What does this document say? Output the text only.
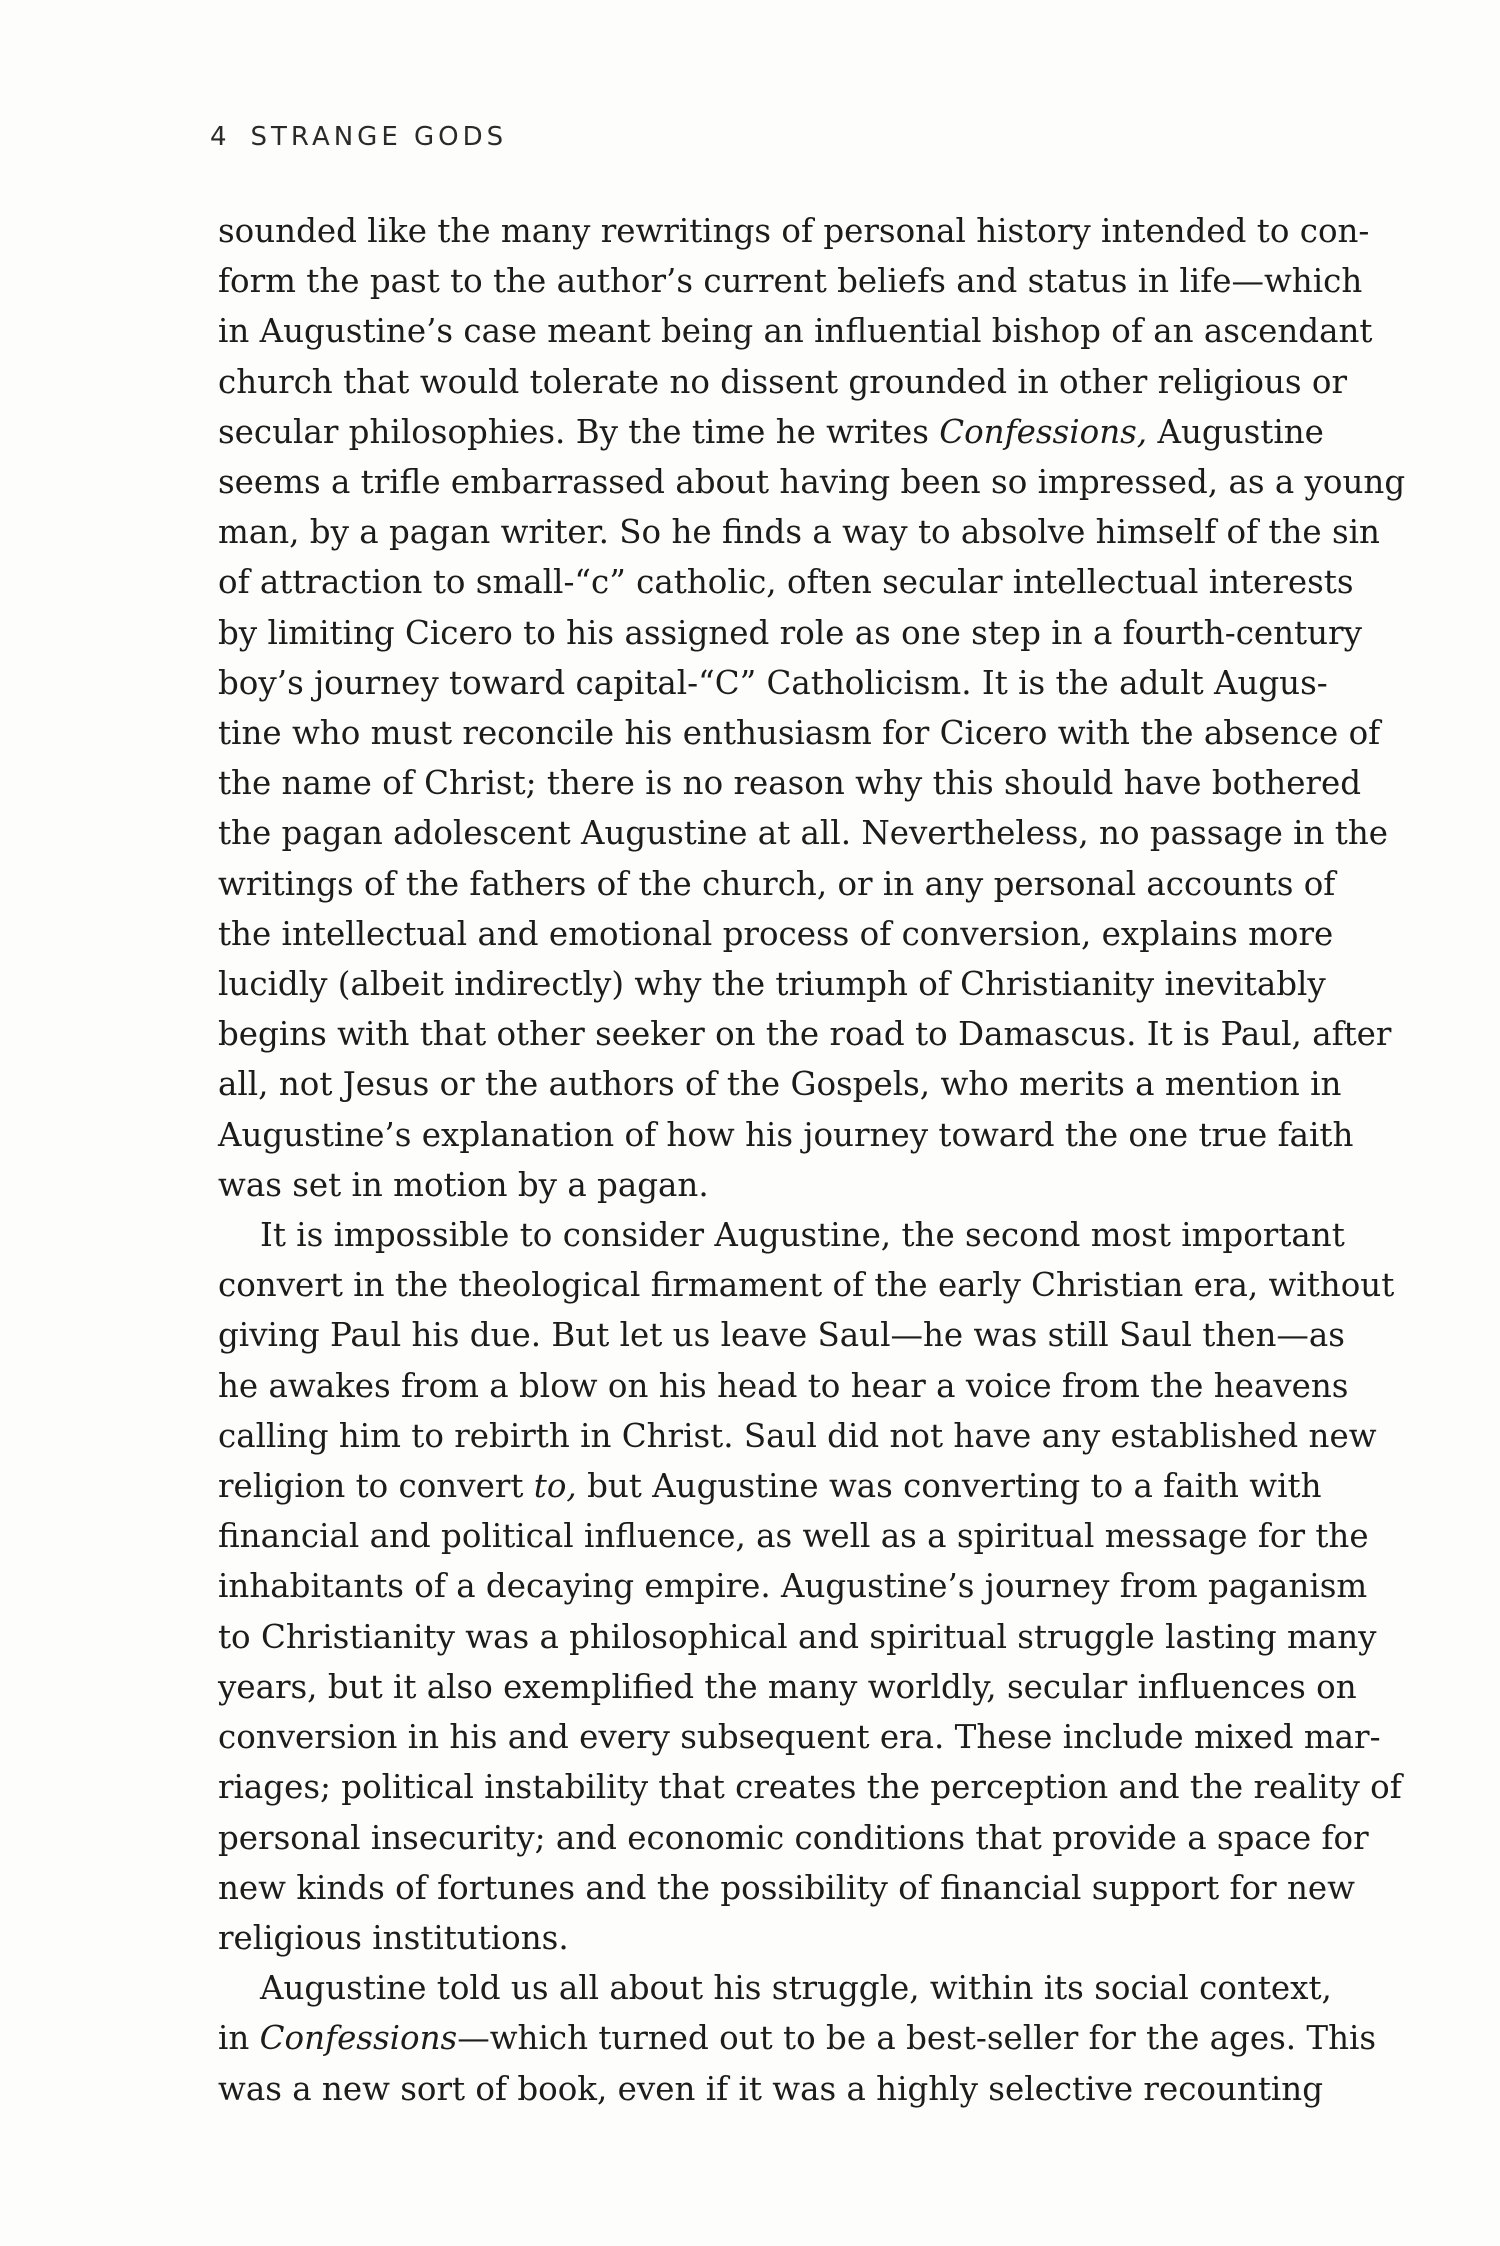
4 STRANGE GODS
sounded like the many rewritings of personal history intended to con-
form the past to the author’s current beliefs and status in life—which
in Augustine’s case meant being an influential bishop of an ascendant
church that would tolerate no dissent grounded in other religious or
secular philosophies. By the time he writes Confessions, Augustine
seems a trifle embarrassed about having been so impressed, as a young
man, by a pagan writer. So he finds a way to absolve himself of the sin
of attraction to small-“c” catholic, often secular intellectual interests
by limiting Cicero to his assigned role as one step in a fourth-century
boy’s journey toward capital-“C” Catholicism. It is the adult Augus-
tine who must reconcile his enthusiasm for Cicero with the absence of
the name of Christ; there is no reason why this should have bothered
the pagan adolescent Augustine at all. Nevertheless, no passage in the
writings of the fathers of the church, or in any personal accounts of
the intellectual and emotional process of conversion, explains more
lucidly (albeit indirectly) why the triumph of Christianity inevitably
begins with that other seeker on the road to Damascus. It is Paul, after
all, not Jesus or the authors of the Gospels, who merits a mention in
Augustine’s explanation of how his journey toward the one true faith
was set in motion by a pagan.
It is impossible to consider Augustine, the second most important
convert in the theological firmament of the early Christian era, without
giving Paul his due. But let us leave Saul—he was still Saul then—as
he awakes from a blow on his head to hear a voice from the heavens
calling him to rebirth in Christ. Saul did not have any established new
religion to convert to, but Augustine was converting to a faith with
financial and political influence, as well as a spiritual message for the
inhabitants of a decaying empire. Augustine’s journey from paganism
to Christianity was a philosophical and spiritual struggle lasting many
years, but it also exemplified the many worldly, secular influences on
conversion in his and every subsequent era. These include mixed mar-
riages; political instability that creates the perception and the reality of
personal insecurity; and economic conditions that provide a space for
new kinds of fortunes and the possibility of financial support for new
religious institutions.
Augustine told us all about his struggle, within its social context,
in Confessions—which turned out to be a best-seller for the ages. This
was a new sort of book, even if it was a highly selective recounting
